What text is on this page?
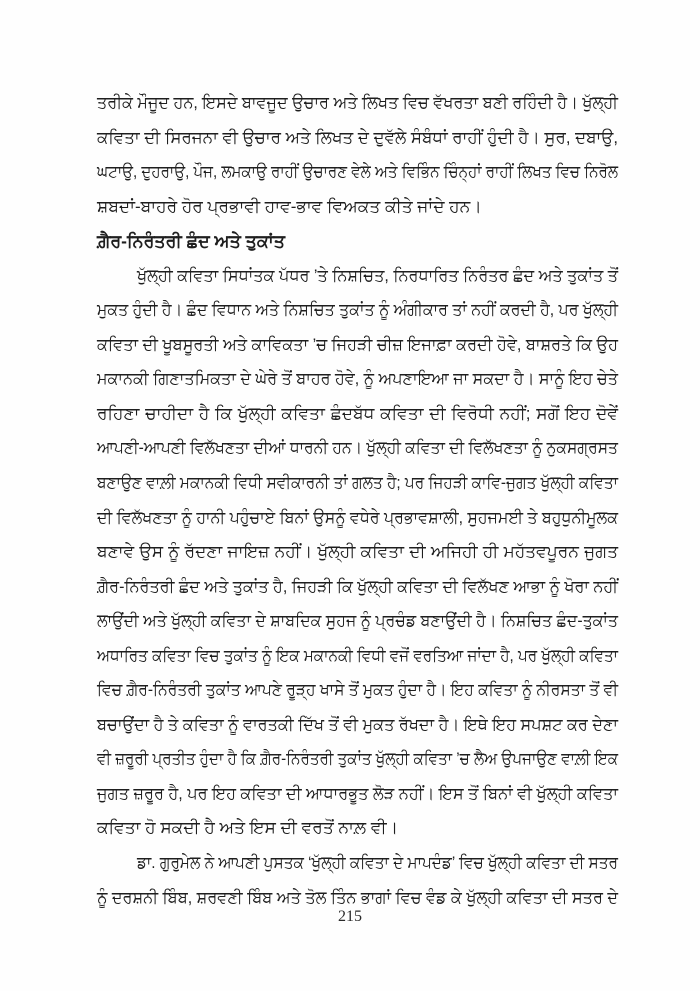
ਤਰੀਕੇ ਮੌਜੂਦ ਹਨ, ਇਸਦੇ ਬਾਵਜੂਦ ਉਚਾਰ ਅਤੇ ਲਿਖਤ ਵਿਚ ਵੱਖਰਤਾ ਬਣੀ ਰਹਿੰਦੀ ਹੈ। ਖੁੱਲ੍ਹੀ
ਕਵਿਤਾ ਦੀ ਸਿਰਜਨਾ ਵੀ ਉਚਾਰ ਅਤੇ ਲਿਖਤ ਦੇ ਦੁਵੱਲੇ ਸੰਬੰਧਾਂ ਰਾਹੀਂ ਹੁੰਦੀ ਹੈ। ਸੁਰ, ਦਬਾਉ,
ਘਟਾਉ, ਦੁਹਰਾਉ, ਪੌਜ, ਲਮਕਾਉ ਰਾਹੀਂ ਉਚਾਰਣ ਵੇਲੇ ਅਤੇ ਵਿਭਿੰਨ ਚਿੰਨ੍ਹਾਂ ਰਾਹੀਂ ਲਿਖਤ ਵਿਚ ਨਿਰੋਲ
ਸ਼ਬਦਾਂ-ਬਾਹਰੇ ਹੋਰ ਪ੍ਰਭਾਵੀ ਹਾਵ-ਭਾਵ ਵਿਅਕਤ ਕੀਤੇ ਜਾਂਦੇ ਹਨ।
ਗ਼ੈਰ-ਨਿਰੰਤਰੀ ਛੰਦ ਅਤੇ ਤੁਕਾਂਤ
ਖੁੱਲ੍ਹੀ ਕਵਿਤਾ ਸਿਧਾਂਤਕ ਪੱਧਰ ’ਤੇ ਨਿਸ਼ਚਿਤ, ਨਿਰਧਾਰਿਤ ਨਿਰੰਤਰ ਛੰਦ ਅਤੇ ਤੁਕਾਂਤ ਤੋਂ
ਮੁਕਤ ਹੁੰਦੀ ਹੈ। ਛੰਦ ਵਿਧਾਨ ਅਤੇ ਨਿਸ਼ਚਿਤ ਤੁਕਾਂਤ ਨੂੰ ਅੰਗੀਕਾਰ ਤਾਂ ਨਹੀਂ ਕਰਦੀ ਹੈ, ਪਰ ਖੁੱਲ੍ਹੀ
ਕਵਿਤਾ ਦੀ ਖੂਬਸੂਰਤੀ ਅਤੇ ਕਾਵਿਕਤਾ ’ਚ ਜਿਹੜੀ ਚੀਜ਼ ਇਜਾਫ਼ਾ ਕਰਦੀ ਹੋਵੇ, ਬਾਸ਼ਰਤੇ ਕਿ ਉਹ
ਮਕਾਨਕੀ ਗਿਣਾਤਮਿਕਤਾ ਦੇ ਘੇਰੇ ਤੋਂ ਬਾਹਰ ਹੋਵੇ, ਨੂੰ ਅਪਣਾਇਆ ਜਾ ਸਕਦਾ ਹੈ। ਸਾਨੂੰ ਇਹ ਚੇਤੇ
ਰਹਿਣਾ ਚਾਹੀਦਾ ਹੈ ਕਿ ਖੁੱਲ੍ਹੀ ਕਵਿਤਾ ਛੰਦਬੱਧ ਕਵਿਤਾ ਦੀ ਵਿਰੋਧੀ ਨਹੀਂ; ਸਗੋਂ ਇਹ ਦੋਵੇਂ
ਆਪਣੀ-ਆਪਣੀ ਵਿਲੱਖਣਤਾ ਦੀਆਂ ਧਾਰਨੀ ਹਨ। ਖੁੱਲ੍ਹੀ ਕਵਿਤਾ ਦੀ ਵਿਲੱਖਣਤਾ ਨੂੰ ਨੁਕਸਗ੍ਰਸਤ
ਬਣਾਉਣ ਵਾਲ਼ੀ ਮਕਾਨਕੀ ਵਿਧੀ ਸਵੀਕਾਰਨੀ ਤਾਂ ਗਲਤ ਹੈ; ਪਰ ਜਿਹੜੀ ਕਾਵਿ-ਜੁਗਤ ਖੁੱਲ੍ਹੀ ਕਵਿਤਾ
ਦੀ ਵਿਲੱਖਣਤਾ ਨੂੰ ਹਾਨੀ ਪਹੁੰਚਾਏ ਬਿਨਾਂ ਉਸਨੂੰ ਵਧੇਰੇ ਪ੍ਰਭਾਵਸ਼ਾਲੀ, ਸੁਹਜਮਈ ਤੇ ਬਹੁਧੁਨੀਮੂਲਕ
ਬਣਾਵੇ ਉਸ ਨੂੰ ਰੱਦਣਾ ਜਾਇਜ਼ ਨਹੀਂ। ਖੁੱਲ੍ਹੀ ਕਵਿਤਾ ਦੀ ਅਜਿਹੀ ਹੀ ਮਹੱਤਵਪੂਰਨ ਜੁਗਤ
ਗ਼ੈਰ-ਨਿਰੰਤਰੀ ਛੰਦ ਅਤੇ ਤੁਕਾਂਤ ਹੈ, ਜਿਹੜੀ ਕਿ ਖੁੱਲ੍ਹੀ ਕਵਿਤਾ ਦੀ ਵਿਲੱਖਣ ਆਭਾ ਨੂੰ ਖੋਰਾ ਨਹੀਂ
ਲਾਉਂਦੀ ਅਤੇ ਖੁੱਲ੍ਹੀ ਕਵਿਤਾ ਦੇ ਸ਼ਾਬਦਿਕ ਸੁਹਜ ਨੂੰ ਪ੍ਰਚੰਡ ਬਣਾਉਂਦੀ ਹੈ। ਨਿਸ਼ਚਿਤ ਛੰਦ-ਤੁਕਾਂਤ
ਅਧਾਰਿਤ ਕਵਿਤਾ ਵਿਚ ਤੁਕਾਂਤ ਨੂੰ ਇਕ ਮਕਾਨਕੀ ਵਿਧੀ ਵਜੋਂ ਵਰਤਿਆ ਜਾਂਦਾ ਹੈ, ਪਰ ਖੁੱਲ੍ਹੀ ਕਵਿਤਾ
ਵਿਚ ਗ਼ੈਰ-ਨਿਰੰਤਰੀ ਤੁਕਾਂਤ ਆਪਣੇ ਰੂੜ੍ਹ ਖਾਸੇ ਤੋਂ ਮੁਕਤ ਹੁੰਦਾ ਹੈ। ਇਹ ਕਵਿਤਾ ਨੂੰ ਨੀਰਸਤਾ ਤੋਂ ਵੀ
ਬਚਾਉਂਦਾ ਹੈ ਤੇ ਕਵਿਤਾ ਨੂੰ ਵਾਰਤਕੀ ਦਿੱਖ ਤੋਂ ਵੀ ਮੁਕਤ ਰੱਖਦਾ ਹੈ। ਇਥੇ ਇਹ ਸਪਸ਼ਟ ਕਰ ਦੇਣਾ
ਵੀ ਜ਼ਰੂਰੀ ਪ੍ਰਤੀਤ ਹੁੰਦਾ ਹੈ ਕਿ ਗ਼ੈਰ-ਨਿਰੰਤਰੀ ਤੁਕਾਂਤ ਖੁੱਲ੍ਹੀ ਕਵਿਤਾ ’ਚ ਲੈਅ ਉਪਜਾਉਣ ਵਾਲ਼ੀ ਇਕ
ਜੁਗਤ ਜ਼ਰੂਰ ਹੈ, ਪਰ ਇਹ ਕਵਿਤਾ ਦੀ ਆਧਾਰਭੂਤ ਲੋੜ ਨਹੀਂ। ਇਸ ਤੋਂ ਬਿਨਾਂ ਵੀ ਖੁੱਲ੍ਹੀ ਕਵਿਤਾ
ਕਵਿਤਾ ਹੋ ਸਕਦੀ ਹੈ ਅਤੇ ਇਸ ਦੀ ਵਰਤੋਂ ਨਾਲ਼ ਵੀ।
ਡਾ. ਗੁਰੁਮੇਲ ਨੇ ਆਪਣੀ ਪੁਸਤਕ ‘ਖੁੱਲ੍ਹੀ ਕਵਿਤਾ ਦੇ ਮਾਪਦੰਡ’ ਵਿਚ ਖੁੱਲ੍ਹੀ ਕਵਿਤਾ ਦੀ ਸਤਰ
ਨੂੰ ਦਰਸ਼ਨੀ ਬਿੰਬ, ਸ਼ਰਵਣੀ ਬਿੰਬ ਅਤੇ ਤੋਲ ਤਿੰਨ ਭਾਗਾਂ ਵਿਚ ਵੰਡ ਕੇ ਖੁੱਲ੍ਹੀ ਕਵਿਤਾ ਦੀ ਸਤਰ ਦੇ
215
